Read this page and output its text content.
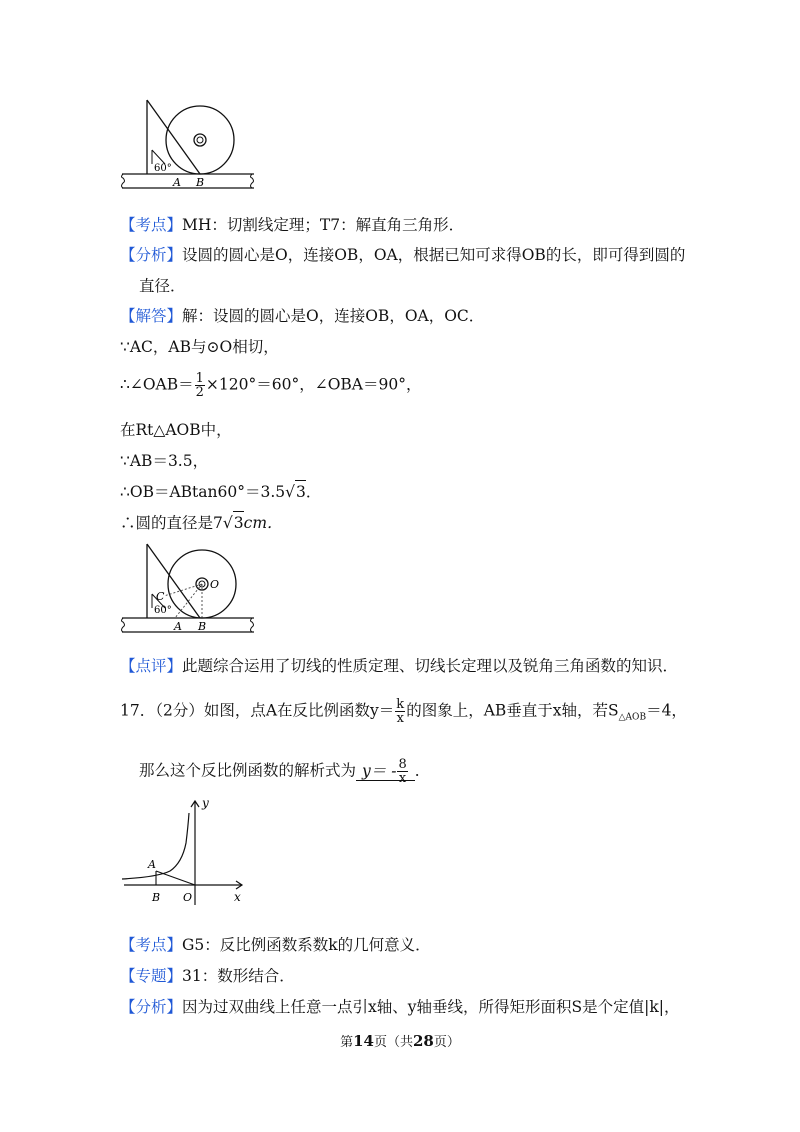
60°
A B
【考点】MH：切割线定理；T7：解直角三角形．
【分析】设圆的圆心是O，连接OB，OA，根据已知可求得OB的长，即可得到圆的
直径．
【解答】解：设圆的圆心是O，连接OB，OA，OC．
∵AC，AB与⊙O相切，
∴∠OAB＝ $\frac{1}{2} \times 120^\circ=60^\circ$，∠OBA＝90°，
在Rt△AOB中，
∵AB＝3.5，
∴OB＝ABtan60°＝3.5√3．
∴圆的直径是7√3cm．
C
O
60°
A B
【点评】此题综合运用了切线的性质定理、切线长定理以及锐角三角函数的知识．
17．（2分）如图，点A在反比例函数$y= \frac{k}{x}$ 的图象上，AB垂直于x轴，若$S_{\triangle AOB}=4$，
那么这个反比例函数的解析式为 $y= - \frac{8}{x}$ ．
y
A
B O	x
【考点】G5：反比例函数系数k的几何意义．
【专题】31：数形结合．
【分析】因为过双曲线上任意一点引x轴、y轴垂线，所得矩形面积S是个定值|k|，
第14页（共28页）
